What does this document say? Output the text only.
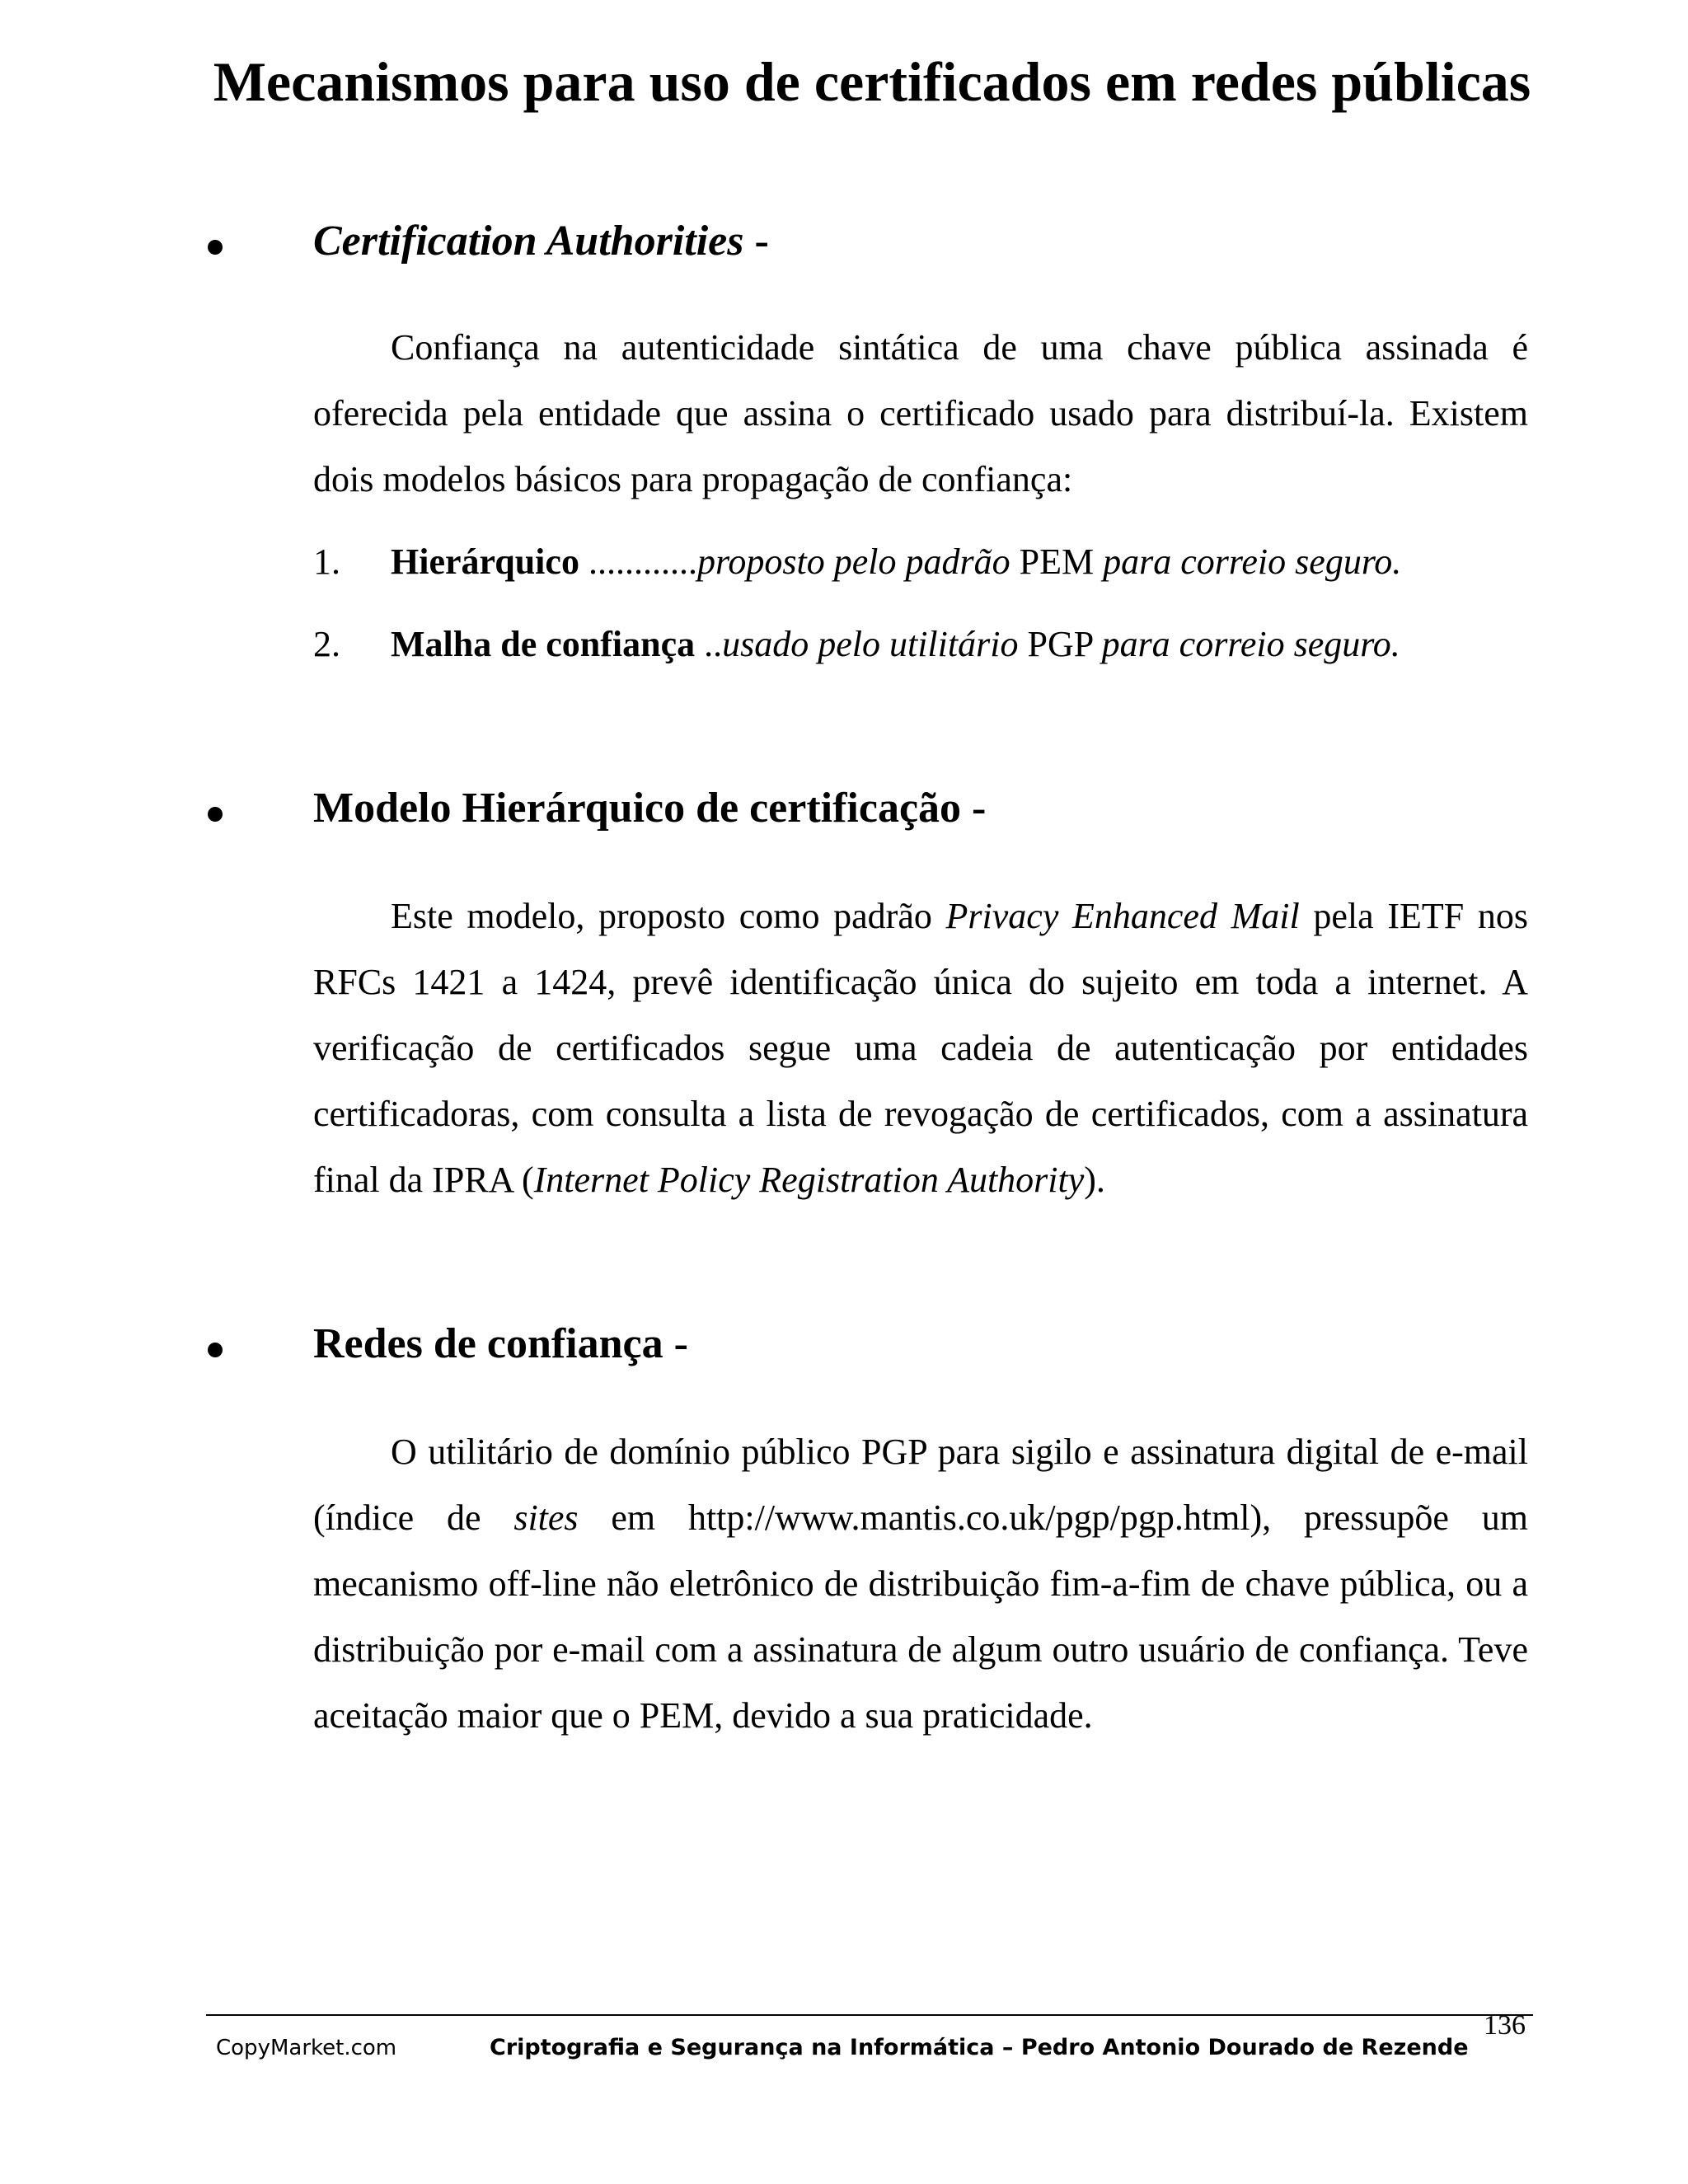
Mecanismos para uso de certificados em redes públicas
Certification Authorities -
Confiança na autenticidade sintática de uma chave pública assinada é oferecida pela entidade que assina o certificado usado para distribuí-la. Existem dois modelos básicos para propagação de confiança:
1. Hierárquico ............proposto pelo padrão PEM para correio seguro.
2. Malha de confiança ..usado pelo utilitário PGP para correio seguro.
Modelo Hierárquico de certificação -
Este modelo, proposto como padrão Privacy Enhanced Mail pela IETF nos RFCs 1421 a 1424, prevê identificação única do sujeito em toda a internet. A verificação de certificados segue uma cadeia de autenticação por entidades certificadoras, com consulta a lista de revogação de certificados, com a assinatura final da IPRA (Internet Policy Registration Authority).
Redes de confiança -
O utilitário de domínio público PGP para sigilo e assinatura digital de e-mail (índice de sites em http://www.mantis.co.uk/pgp/pgp.html), pressupõe um mecanismo off-line não eletrônico de distribuição fim-a-fim de chave pública, ou a distribuição por e-mail com a assinatura de algum outro usuário de confiança. Teve aceitação maior que o PEM, devido a sua praticidade.
136
CopyMarket.com	Criptografia e Segurança na Informática – Pedro Antonio Dourado de Rezende
